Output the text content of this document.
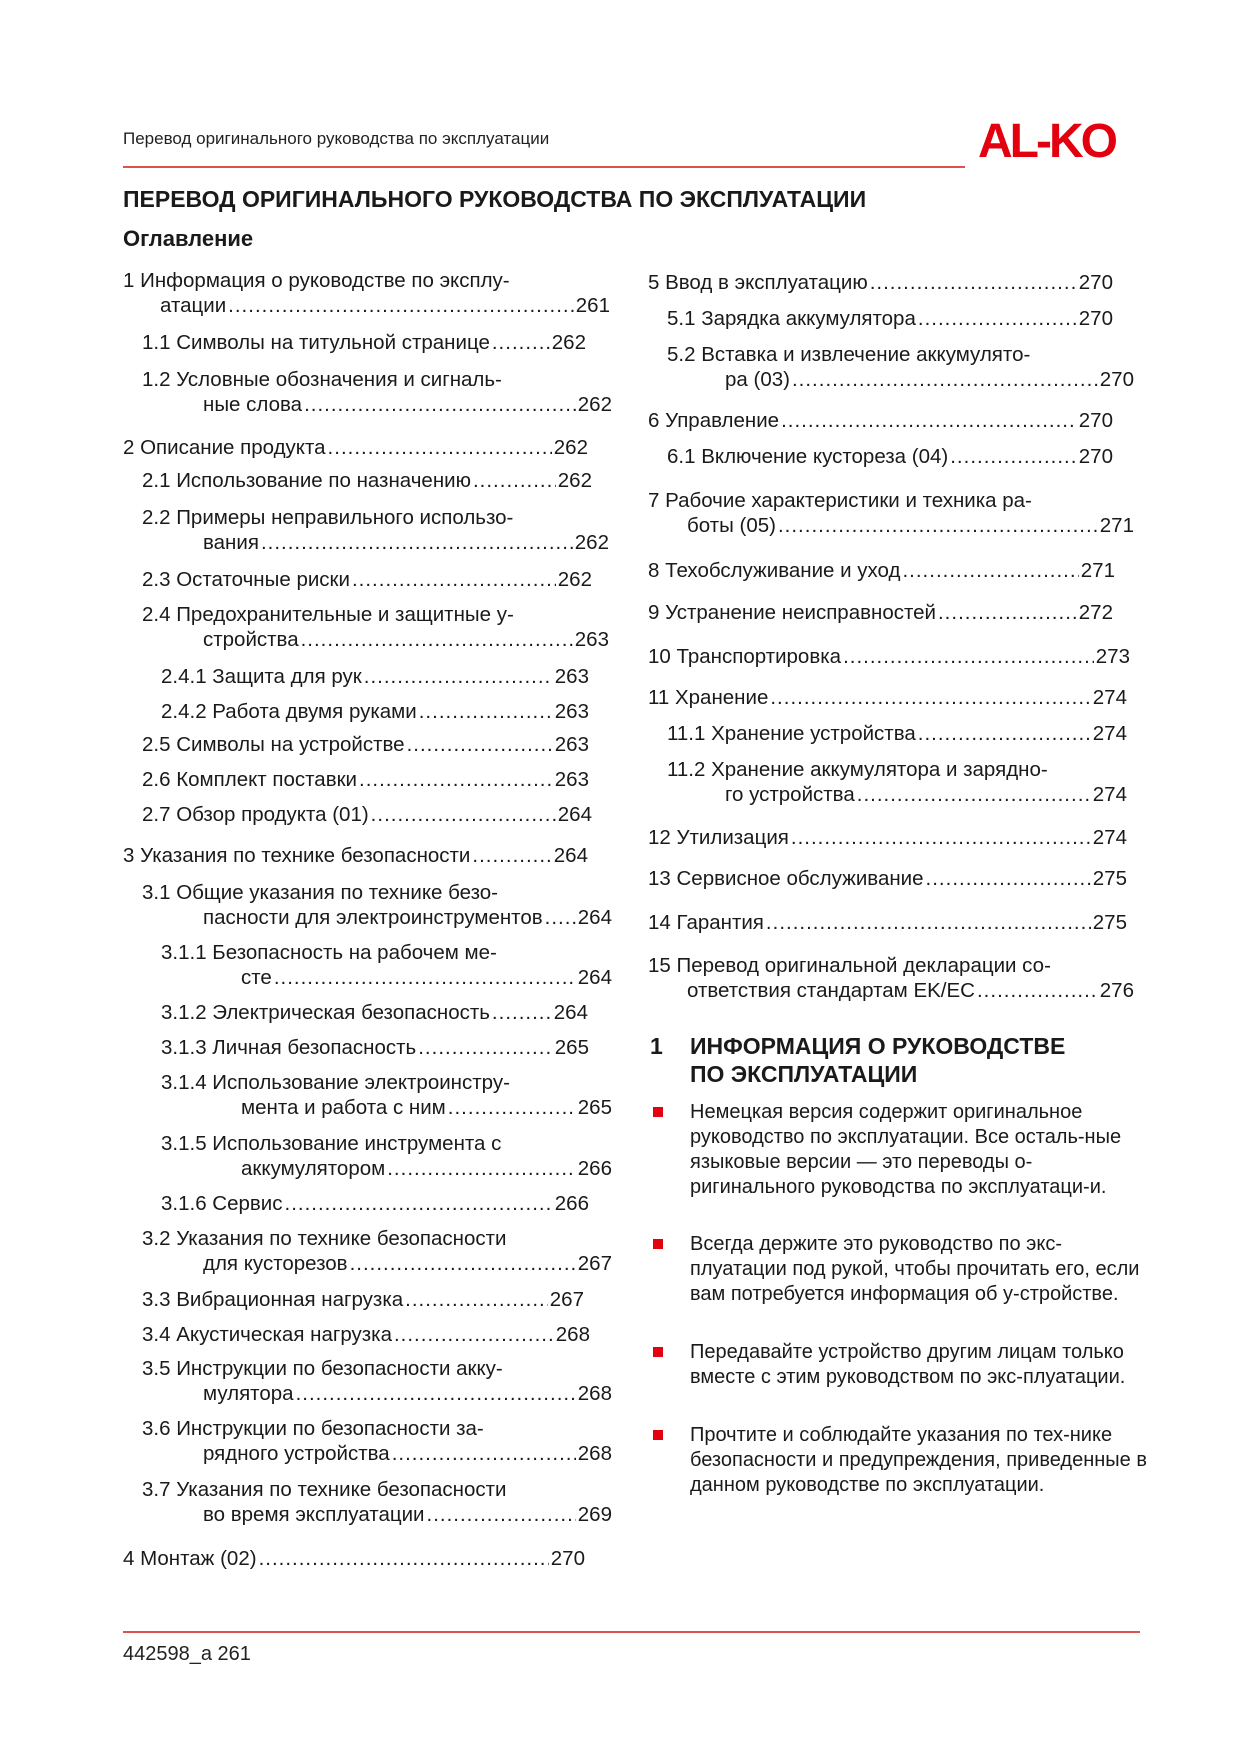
Перевод оригинального руководства по эксплуатации	AL-KO
ПЕРЕВОД ОРИГИНАЛЬНОГО РУКОВОДСТВА ПО ЭКСПЛУАТАЦИИ
Оглавление
1 Информация о руководстве по эксплу-
атации .....	261
1.1 Символы на титульной странице .....	262
1.2 Условные обозначения и сигналь-
ные слова .....	262
2 Описание продукта .....	262
2.1 Использование по назначению .....	262
2.2 Примеры неправильного использо-
вания .....	262
2.3 Остаточные риски .....	262
2.4 Предохранительные и защитные у-
стройства .....	263
2.4.1 Защита для рук .....	263
2.4.2 Работа двумя руками .....	263
2.5 Символы на устройстве .....	263
2.6 Комплект поставки .....	263
2.7 Обзор продукта (01) .....	264
3 Указания по технике безопасности .....	264
3.1 Общие указания по технике безо-
пасности для электроинструментов ..... 264
3.1.1 Безопасность на рабочем ме-
сте .....	264
3.1.2 Электрическая безопасность .....	264
3.1.3 Личная безопасность .....	265
3.1.4 Использование электроинстру-
мента и работа с ним .....	265
3.1.5 Использование инструмента с
аккумулятором .....	266
3.1.6 Сервис .....	266
3.2 Указания по технике безопасности
для кусторезов .....	267
3.3 Вибрационная нагрузка .....	267
3.4 Акустическая нагрузка .....	268
3.5 Инструкции по безопасности акку-
мулятора .....	268
3.6 Инструкции по безопасности за-
рядного устройства .....	268
3.7 Указания по технике безопасности
во время эксплуатации .....	269
4 Монтаж (02) .....	270
5 Ввод в эксплуатацию .....	270
5.1 Зарядка аккумулятора .....	270
5.2 Вставка и извлечение аккумулято-
ра (03) .....	270
6 Управление .....	270
6.1 Включение кустореза (04) .....	270
7 Рабочие характеристики и техника ра-
боты (05) .....	271
8 Техобслуживание и уход .....	271
9 Устранение неисправностей .....	272
10 Транспортировка .....	273
11 Хранение .....	274
11.1 Хранение устройства .....	274
11.2 Хранение аккумулятора и зарядно-
го устройства .....	274
12 Утилизация .....	274
13 Сервисное обслуживание .....	275
14 Гарантия .....	275
15 Перевод оригинальной декларации со-
ответствия стандартам EK/EC .....	276
1 ИНФОРМАЦИЯ О РУКОВОДСТВЕ
ПО ЭКСПЛУАТАЦИИ
Немецкая версия содержит оригинальное руководство по эксплуатации. Все осталь-ные языковые версии — это переводы о-ригинального руководства по эксплуатаци-и.
Всегда держите это руководство по экс-плуатации под рукой, чтобы прочитать его, если вам потребуется информация об у-стройстве.
Передавайте устройство другим лицам только вместе с этим руководством по экс-плуатации.
Прочтите и соблюдайте указания по тех-нике безопасности и предупреждения, приведенные в данном руководстве по эксплуатации.
442598_a 261
